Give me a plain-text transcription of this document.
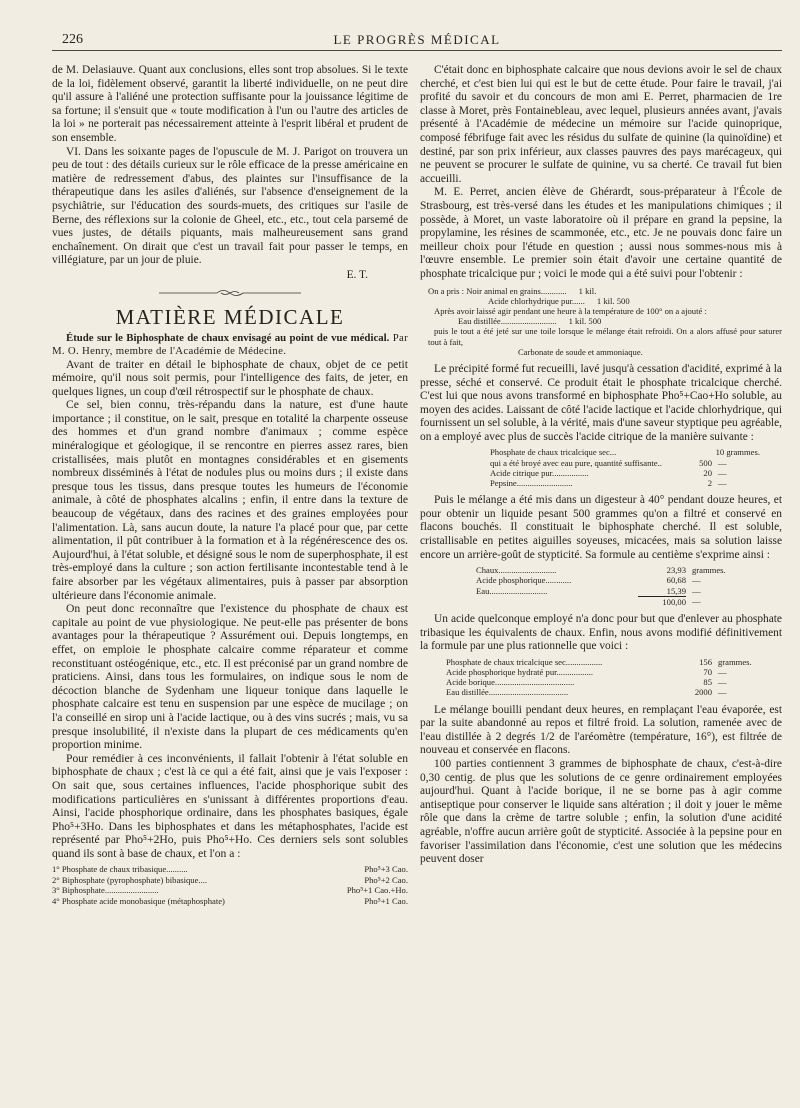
226	LE PROGRÈS MÉDICAL

de M. Delasiauve. Quant aux conclusions, elles sont trop absolues. Si le texte de la loi, fidèlement observé, garantit la liberté individuelle, on ne peut dire qu'il assure à l'aliéné une protection suffisante pour la jouissance légitime de sa fortune; il s'ensuit que « toute modification à l'un ou l'autre des articles de la loi » ne porterait pas nécessairement atteinte à l'esprit libéral et prudent de son ensemble.

VI. Dans les soixante pages de l'opuscule de M. J. Parigot on trouvera un peu de tout : des détails curieux sur le rôle efficace de la presse américaine en matière de redressement d'abus, des plaintes sur l'insuffisance de la thérapeutique dans les asiles d'aliénés, sur l'absence d'enseignement de la psychiâtrie, sur l'éducation des sourds-muets, des critiques sur l'asile de Berne, des réflexions sur la colonie de Gheel, etc., etc., tout cela parsemé de vues justes, de détails piquants, mais malheureusement sans grand enchaînement. On dirait que c'est un travail fait pour passer le temps, en villégiature, par un jour de pluie.

E. T.
MATIÈRE MÉDICALE

Étude sur le Biphosphate de chaux envisagé au point de vue médical. Par M. O. Henry, membre de l'Académie de Médecine.

Avant de traiter en détail le biphosphate de chaux, objet de ce petit mémoire, qu'il nous soit permis, pour l'intelligence des faits, de jeter, en quelques lignes, un coup d'œil rétrospectif sur le phosphate de chaux.

Ce sel, bien connu, très-répandu dans la nature, est d'une haute importance ; il constitue, on le sait, presque en totalité la charpente osseuse des hommes et d'un grand nombre d'animaux ; comme espèce minéralogique et géologique, il se rencontre en pierres assez rares, bien cristallisées, mais plutôt en montagnes considérables et en gisements nombreux disséminés à l'état de nodules plus ou moins durs ; il existe dans presque tous les tissus, dans presque toutes les humeurs de l'économie animale, à côté de phosphates alcalins ; enfin, il entre dans la texture de beaucoup de végétaux, dans des racines et des graines employées pour l'alimentation. Là, sans aucun doute, la nature l'a placé pour que, par cette alimentation, il pût contribuer à la formation et à la régénérescence des os. Aujourd'hui, à l'état soluble, et désigné sous le nom de superphosphate, il est très-employé dans la culture ; son action fertilisante incontestable tend à le faire absorber par les végétaux alimentaires, puis à passer par absorption ultérieure dans l'économie animale.

On peut donc reconnaître que l'existence du phosphate de chaux est capitale au point de vue physiologique. Ne peut-elle pas présenter de bons avantages pour la thérapeutique ? Assurément oui. Depuis longtemps, en effet, on emploie le phosphate calcaire comme réparateur et comme reconstituant ostéogénique, etc., etc. Il est préconisé par un grand nombre de praticiens. Ainsi, dans tous les formulaires, on indique sous le nom de décoction blanche de Sydenham une liqueur tonique dans laquelle le phosphate calcaire est tenu en suspension par une espèce de mucilage ; on l'a conseillé en sirop uni à l'acide lactique, ou à des vins sucrés ; mais, vu sa presque insolubilité, il n'existe dans la plupart de ces médicaments qu'en proportion minime.

Pour remédier à ces inconvénients, il fallait l'obtenir à l'état soluble en biphosphate de chaux ; c'est là ce qui a été fait, ainsi que je vais l'exposer : On sait que, sous certaines influences, l'acide phosphorique subit des modifications particulières en s'unissant à différentes proportions d'eau. Ainsi, l'acide phosphorique ordinaire, dans les phosphates basiques, égale Pho⁵+3Ho. Dans les biphosphates et dans les métaphosphates, l'acide est représenté par Pho⁵+2Ho, puis Pho⁵+Ho. Ces derniers sels sont solubles quand ils sont à base de chaux, et l'on a :

1° Phosphate de chaux tribasique..........	Pho⁵+3 Cao.
2° Biphosphate (pyrophosphate) bibasique....	Pho⁵+2 Cao.
3° Biphosphate.........................	Pho⁵+1 Cao.+Ho.
4° Phosphate acide monobasique (métaphosphate)	Pho⁵+1 Cao.

C'était donc en biphosphate calcaire que nous devions avoir le sel de chaux cherché, et c'est bien lui qui est le but de cette étude. Pour faire le travail, j'ai profité du savoir et du concours de mon ami E. Perret, pharmacien de 1re classe à Moret, près Fontainebleau, avec lequel, plusieurs années avant, j'avais présenté à l'Académie de médecine un mémoire sur l'acide quinoprique, composé fébrifuge fait avec les résidus du sulfate de quinine (la quinoïdine) et destiné, par son prix inférieur, aux classes pauvres des pays marécageux, qui ne peuvent se procurer le sulfate de quinine, vu sa cherté. Ce travail fut bien accueilli.

M. E. Perret, ancien élève de Ghérardt, sous-préparateur à l'École de Strasbourg, est très-versé dans les études et les manipulations chimiques ; il possède, à Moret, un vaste laboratoire où il prépare en grand la pepsine, la propylamine, les résines de scammonée, etc., etc. Je ne pouvais donc faire un meilleur choix pour l'étude en question ; aussi nous sommes-nous mis à l'œuvre ensemble. Le premier soin était d'avoir une certaine quantité de phosphate tricalcique pur ; voici le mode qui a été suivi pour l'obtenir :

On a pris : Noir animal en grains............	1 kil.
Acide chlorhydrique pur......	1 kil. 500
Après avoir laissé agir pendant une heure à la température de 100° on a ajouté :
Eau distillée..........................	1 kil. 500
puis le tout a été jeté sur une toile lorsque le mélange était refroidi. On a alors affusé pour saturer tout à fait,
Carbonate de soude et ammoniaque.

Le précipité formé fut recueilli, lavé jusqu'à cessation d'acidité, exprimé à la presse, séché et conservé. Ce produit était le phosphate tricalcique cherché. C'est lui que nous avons transformé en biphosphate Pho⁵+Cao+Ho soluble, au moyen des acides. Laissant de côté l'acide lactique et l'acide chlorhydrique, qui fournissent un sel soluble, à la vérité, mais d'une saveur styptique peu agréable, on a employé avec plus de succès l'acide citrique de la manière suivante :

Phosphate de chaux tricalcique sec...	10 grammes.
qui a été broyé avec eau pure, quantité suffisante..	500 —
Acide citrique pur.................	20 —
Pepsine..........................	2 —

Puis le mélange a été mis dans un digesteur à 40° pendant douze heures, et pour obtenir un liquide pesant 500 grammes qu'on a filtré et conservé en flacons bouchés. Il constituait le biphosphate cherché. Il est soluble, cristallisable en petites aiguilles soyeuses, micacées, mais sa solution laisse encore un arrière-goût de stypticité. Sa formule au centième s'exprime ainsi :

Chaux...........................	23,93 grammes.
Acide phosphorique............	60,68 —
Eau...........................	15,39 —
100,00 —

Un acide quelconque employé n'a donc pour but que d'enlever au phosphate tribasique les équivalents de chaux. Enfin, nous avons modifié définitivement la formule par une plus rationnelle que voici :

Phosphate de chaux tricalcique sec.................	156 grammes.
Acide phosphorique hydraté pur.................	70 —
Acide borique.....................................	85 —
Eau distillée.....................................	2000 —

Le mélange bouilli pendant deux heures, en remplaçant l'eau évaporée, est par la suite abandonné au repos et filtré froid. La solution, ramenée avec de l'eau distillée à 2 degrés 1/2 de l'aréomètre (température, 16°), est filtrée de nouveau et conservée en flacons.

100 parties contiennent 3 grammes de biphosphate de chaux, c'est-à-dire 0,30 centig. de plus que les solutions de ce genre ordinairement employées aujourd'hui. Quant à l'acide borique, il ne se borne pas à agir comme antiseptique pour conserver le liquide sans altération ; il doit y jouer le même rôle que dans la crème de tartre soluble ; enfin, la solution d'une acidité agréable, n'offre aucun arrière goût de stypticité. Associée à la pepsine pour en favoriser l'assimilation dans l'économie, c'est une solution que les médecins peuvent doser
